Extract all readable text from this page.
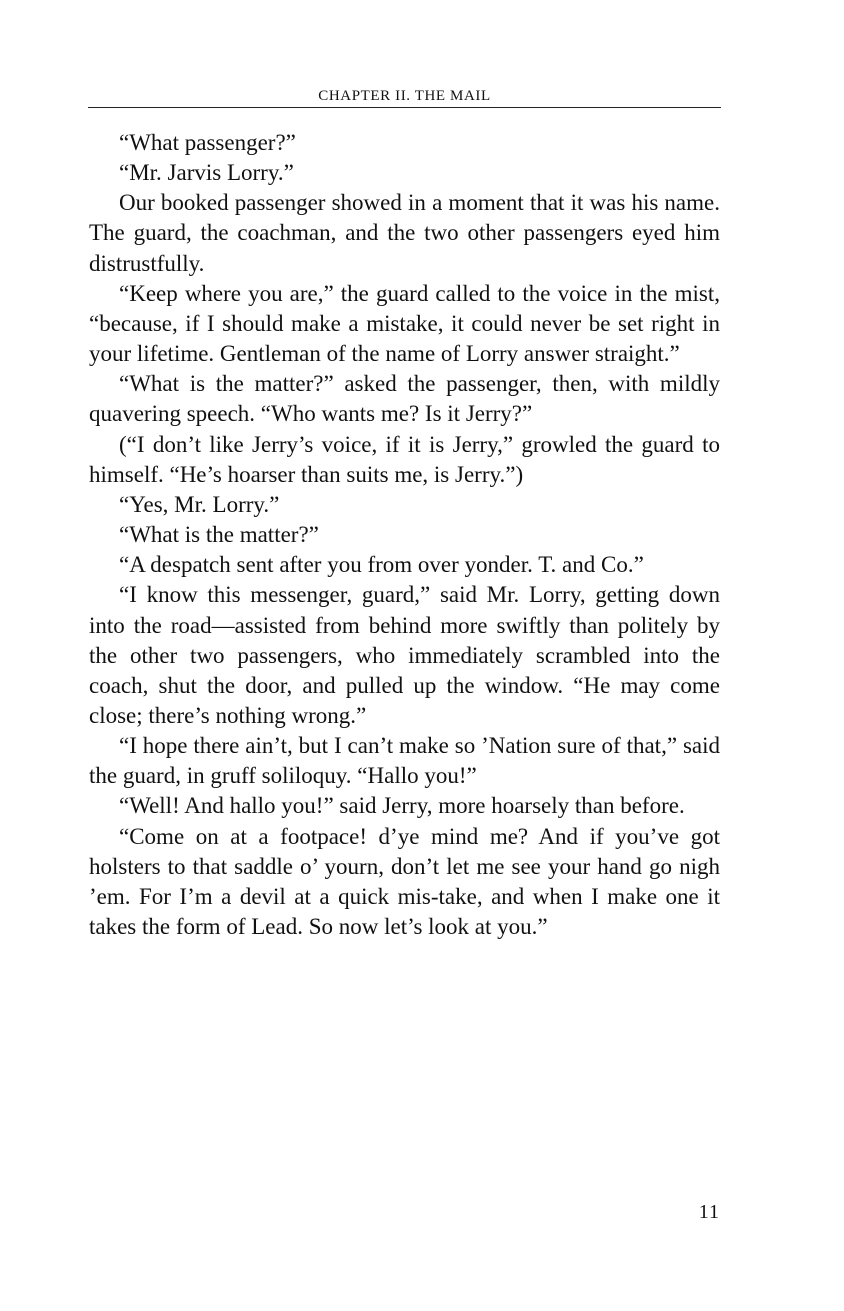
CHAPTER II. THE MAIL

“What passenger?”

“Mr. Jarvis Lorry.”

Our booked passenger showed in a moment that it was his name. The guard, the coachman, and the two other passengers eyed him distrustfully.

“Keep where you are,” the guard called to the voice in the mist, “because, if I should make a mistake, it could never be set right in your lifetime. Gentleman of the name of Lorry answer straight.”

“What is the matter?” asked the passenger, then, with mildly quavering speech. “Who wants me? Is it Jerry?”

(“I don’t like Jerry’s voice, if it is Jerry,” growled the guard to himself. “He’s hoarser than suits me, is Jerry.”)

“Yes, Mr. Lorry.”

“What is the matter?”

“A despatch sent after you from over yonder. T. and Co.”

“I know this messenger, guard,” said Mr. Lorry, getting down into the road—assisted from behind more swiftly than politely by the other two passengers, who immediately scrambled into the coach, shut the door, and pulled up the window. “He may come close; there’s nothing wrong.”

“I hope there ain’t, but I can’t make so ’Nation sure of that,” said the guard, in gruff soliloquy. “Hallo you!”

“Well! And hallo you!” said Jerry, more hoarsely than before.

“Come on at a footpace! d’ye mind me? And if you’ve got holsters to that saddle o’ yourn, don’t let me see your hand go nigh ’em. For I’m a devil at a quick mis-take, and when I make one it takes the form of Lead. So now let’s look at you.”

11
